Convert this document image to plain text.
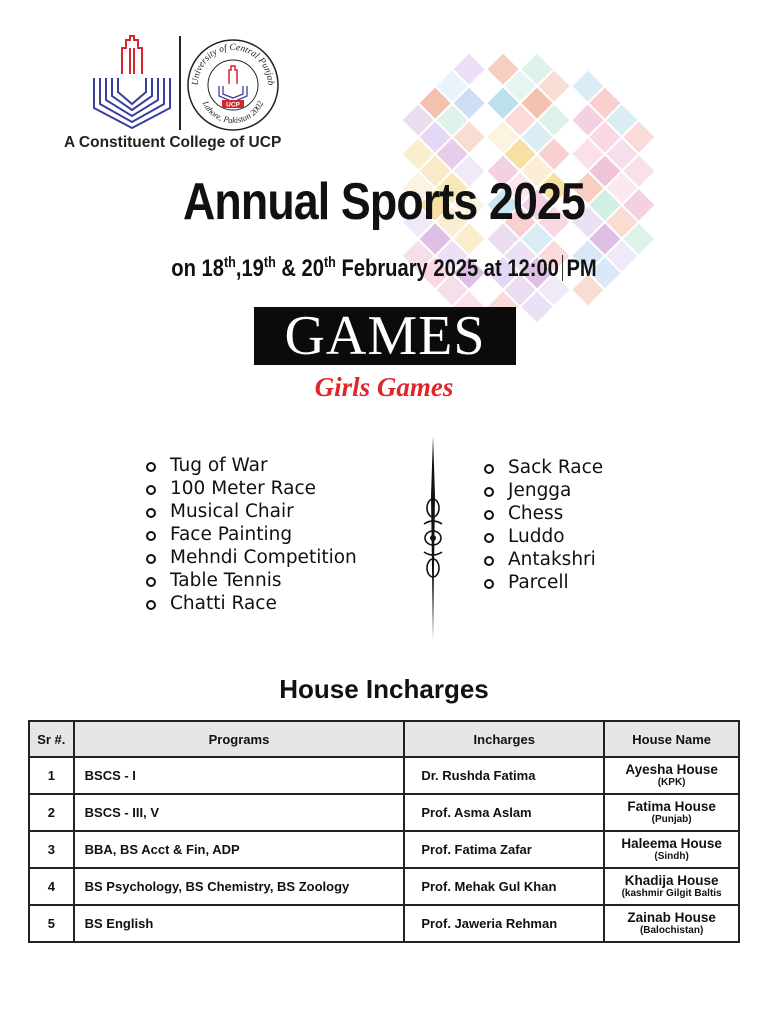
University of Central Punjab
Lahore, Pakistan 2002
UCP
A Constituent College of UCP
Annual Sports 2025
on 18th,19th & 20th February 2025 at 12:00 PM
GAMES
Girls Games
Tug of War
100 Meter Race
Musical Chair
Face Painting
Mehndi Competition
Table Tennis
Chatti Race
Sack Race
Jengga
Chess
Luddo
Antakshri
Parcell
House Incharges
Sr #.	Programs	Incharges	House Name
1	BSCS - I	Dr. Rushda Fatima	Ayesha House
(KPK)

2	BSCS - III, V	Prof. Asma Aslam	Fatima House
(Punjab)

3	BBA, BS Acct & Fin, ADP	Prof. Fatima Zafar	Haleema House
(Sindh)

4	BS Psychology, BS Chemistry, BS Zoology	Prof. Mehak Gul Khan	Khadija House
(kashmir Gilgit Baltis

5	BS English	Prof. Jaweria Rehman	Zainab House
(Balochistan)
